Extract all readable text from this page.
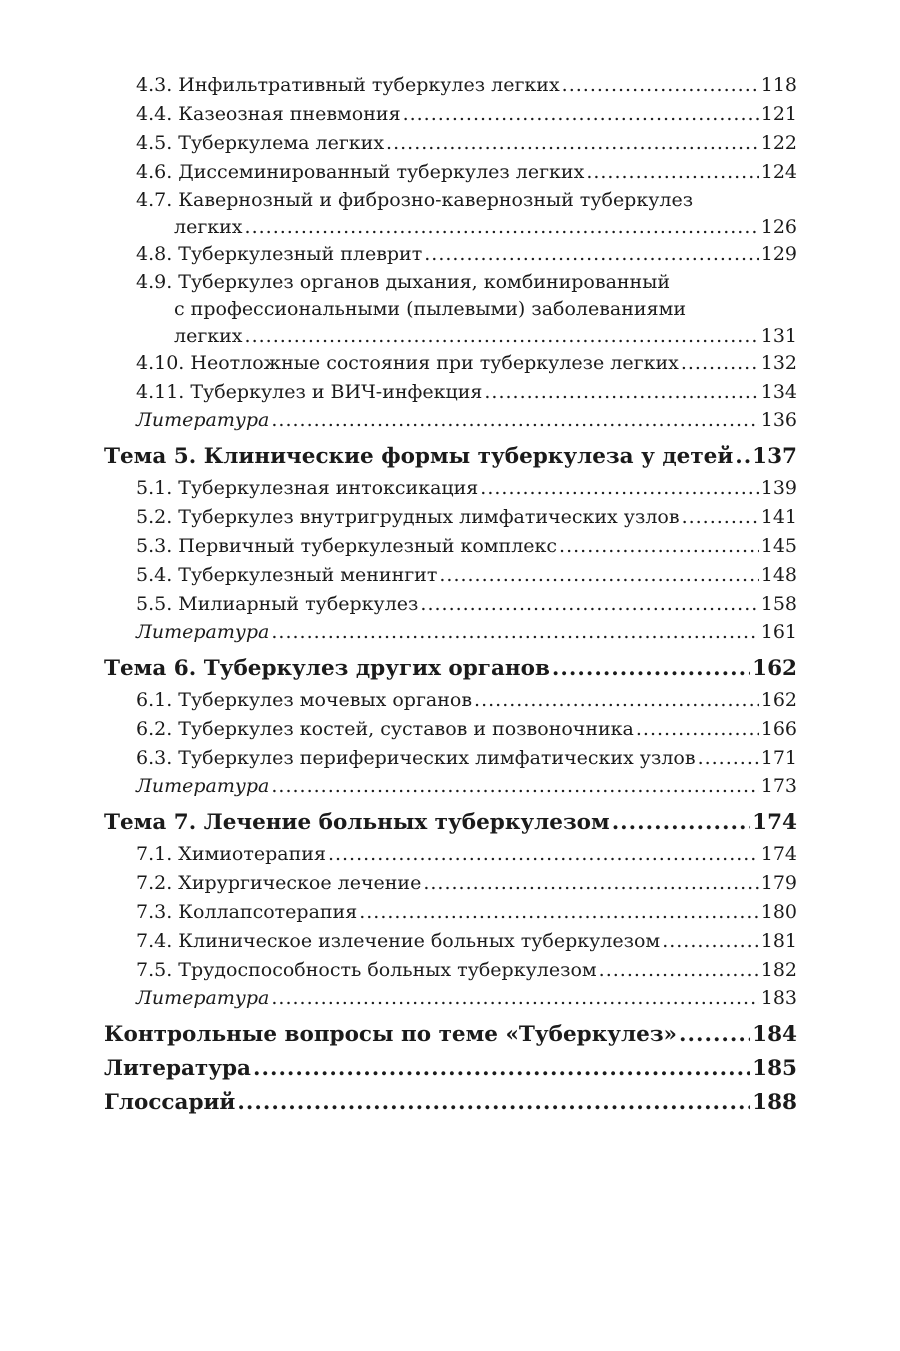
4.3. Инфильтративный туберкулез легких .....	118
4.4. Казеозная пневмония .....	121
4.5. Туберкулема легких .....	122
4.6. Диссеминированный туберкулез легких .....	124
4.7. Кавернозный и фиброзно-кавернозный туберкулез
легких .....	126
4.8. Туберкулезный плеврит .....	129
4.9. Туберкулез органов дыхания, комбинированный
с профессиональными (пылевыми) заболеваниями
легких .....	131
4.10. Неотложные состояния при туберкулезе легких .....	132
4.11. Туберкулез и ВИЧ-инфекция .....	134
Литература .....	136
Тема 5. Клинические формы туберкулеза у детей ..... 137
5.1. Туберкулезная интоксикация .....	139
5.2. Туберкулез внутригрудных лимфатических узлов .....	141
5.3. Первичный туберкулезный комплекс .....	145
5.4. Туберкулезный менингит .....	148
5.5. Милиарный туберкулез .....	158
Литература .....	161
Тема 6. Туберкулез других органов .....	162
6.1. Туберкулез мочевых органов .....	162
6.2. Туберкулез костей, суставов и позвоночника .....	166
6.3. Туберкулез периферических лимфатических узлов .....	171
Литература .....	173
Тема 7. Лечение больных туберкулезом .....	174
7.1. Химиотерапия .....	174
7.2. Хирургическое лечение .....	179
7.3. Коллапсотерапия .....	180
7.4. Клиническое излечение больных туберкулезом .....	181
7.5. Трудоспособность больных туберкулезом .....	182
Литература .....	183
Контрольные вопросы по теме «Туберкулез» .....	184
Литература .....	185
Глоссарий .....	188
